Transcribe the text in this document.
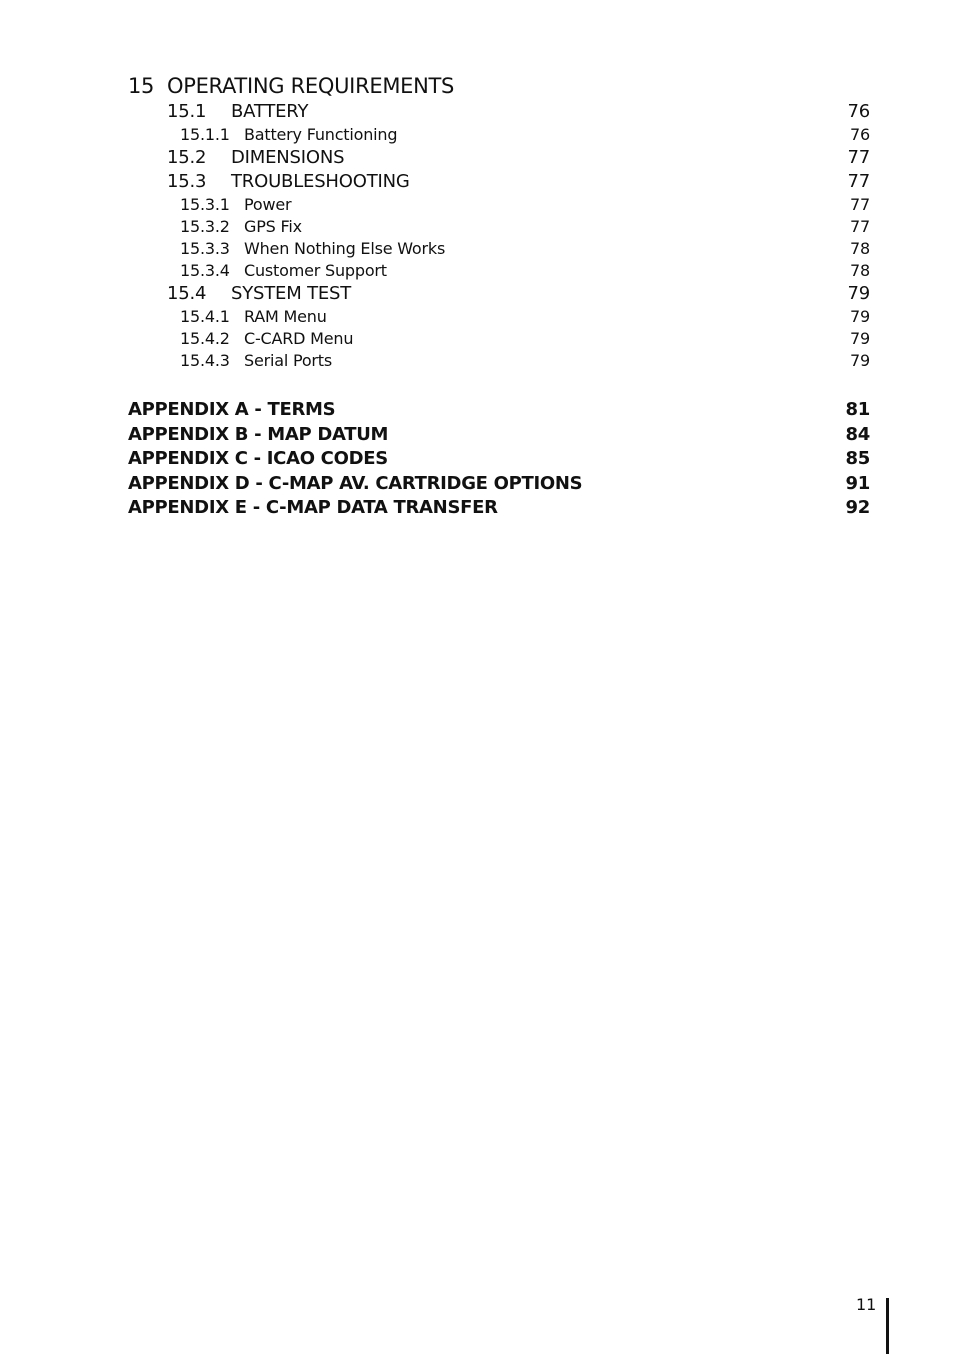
15 OPERATING REQUIREMENTS
15.1 BATTERY	76
15.1.1 Battery Functioning	76
15.2 DIMENSIONS	77
15.3 TROUBLESHOOTING	77
15.3.1 Power	77
15.3.2 GPS Fix	77
15.3.3 When Nothing Else Works	78
15.3.4 Customer Support	78
15.4 SYSTEM TEST	79
15.4.1 RAM Menu	79
15.4.2 C-CARD Menu	79
15.4.3 Serial Ports	79
APPENDIX A - TERMS	81
APPENDIX B - MAP DATUM	84
APPENDIX C - ICAO CODES	85
APPENDIX D - C-MAP AV. CARTRIDGE OPTIONS	91
APPENDIX E - C-MAP DATA TRANSFER	92
11
